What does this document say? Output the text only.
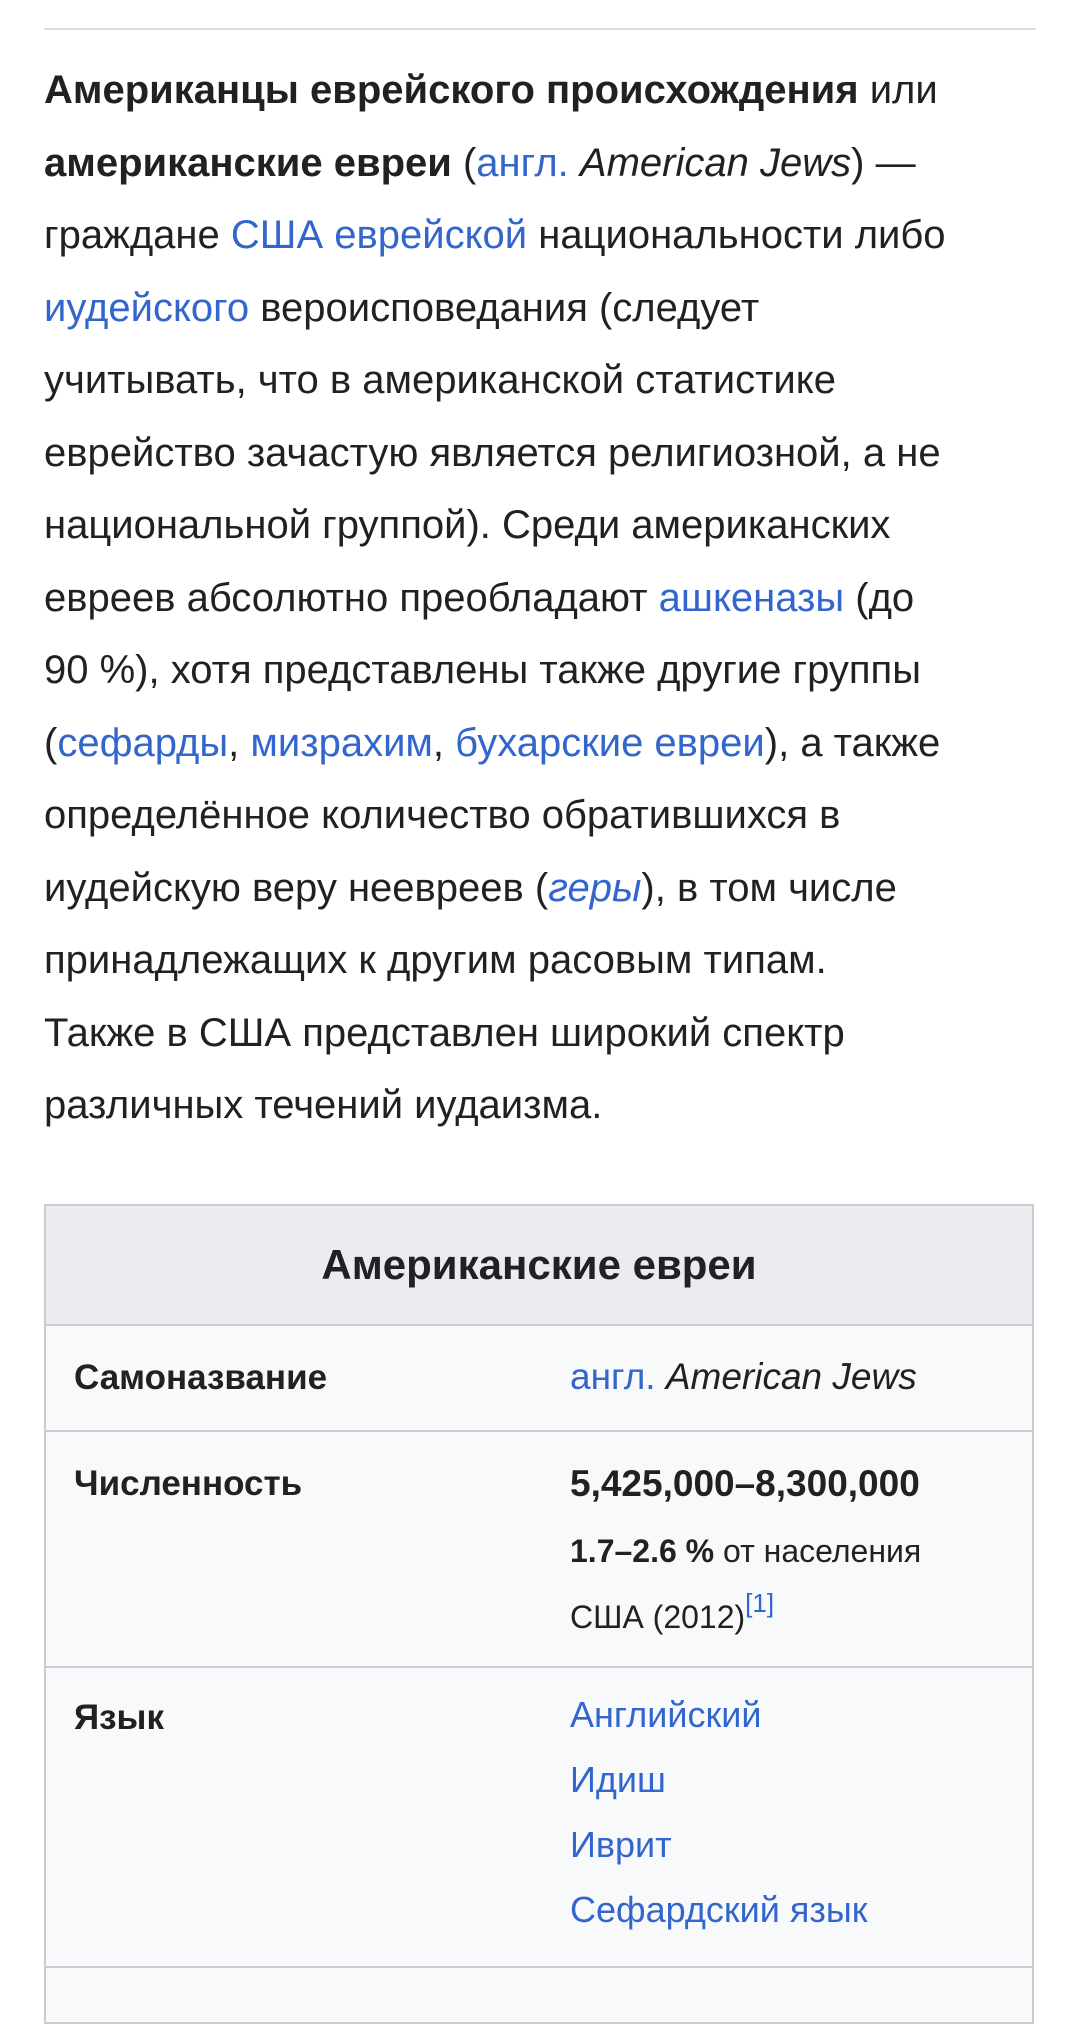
Американцы еврейского происхождения или
американские евреи (англ. American Jews) —
граждане США еврейской национальности либо
иудейского вероисповедания (следует
учитывать, что в американской статистике
еврейство зачастую является религиозной, а не
национальной группой). Среди американских
евреев абсолютно преобладают ашкеназы (до
90 %), хотя представлены также другие группы
(сефарды, мизрахим, бухарские евреи), а также
определённое количество обратившихся в
иудейскую веру неевреев (геры), в том числе
принадлежащих к другим расовым типам.
Также в США представлен широкий спектр
различных течений иудаизма.
Американские евреи
Самоназвание	англ. American Jews
Численность	5,425,000–8,300,000
1.7–2.6 % от населения
США (2012)[1]
Язык	Английский
Идиш
Иврит
Сефардский язык
